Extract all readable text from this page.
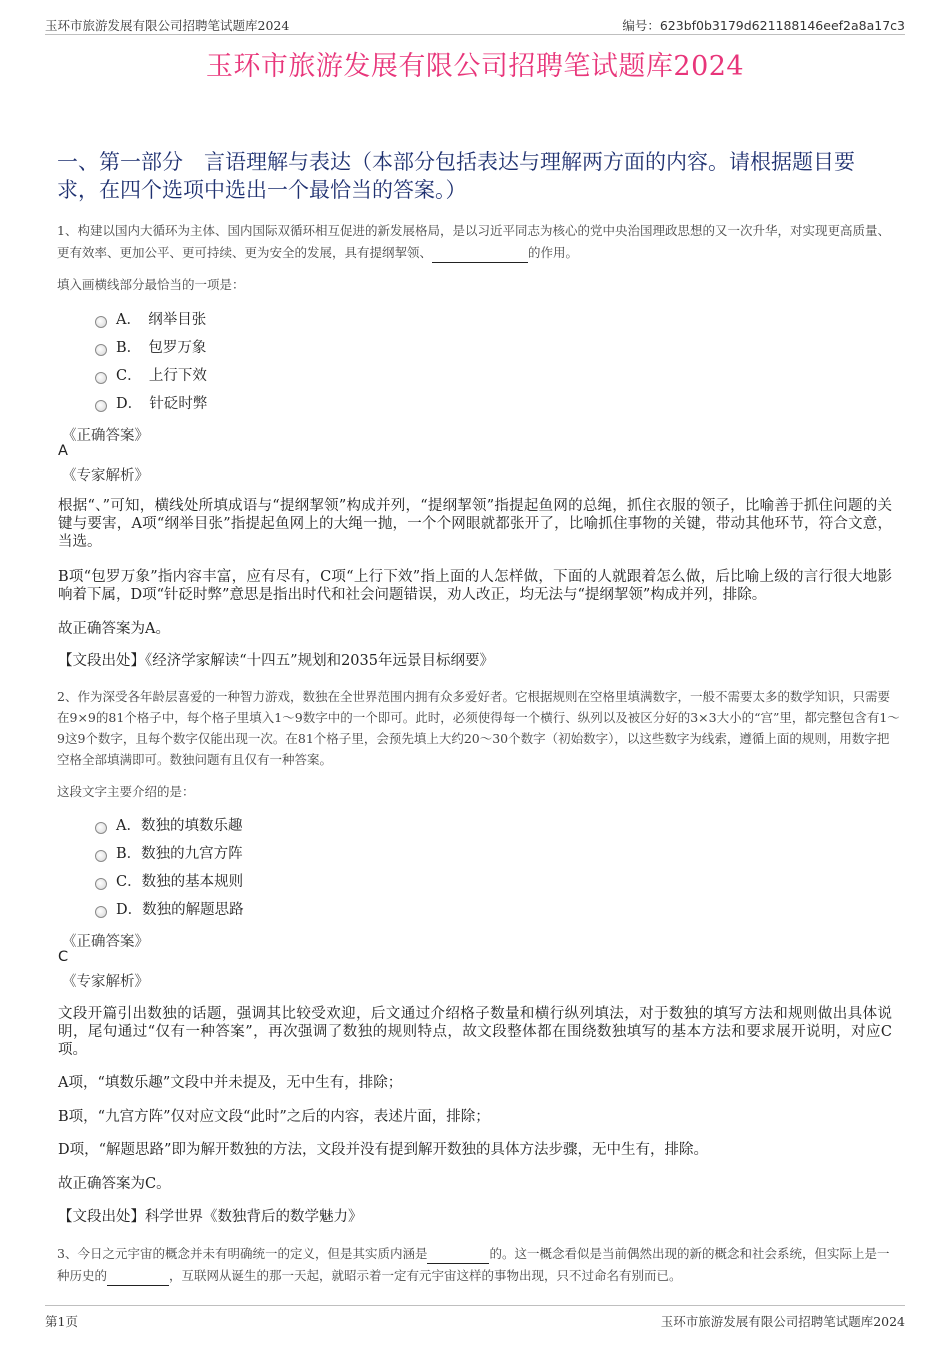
玉环市旅游发展有限公司招聘笔试题库2024	编号：623bf0b3179d621188146eef2a8a17c3
玉环市旅游发展有限公司招聘笔试题库2024
一、第一部分　言语理解与表达（本部分包括表达与理解两方面的内容。请根据题目要求，在四个选项中选出一个最恰当的答案。）
1、构建以国内大循环为主体、国内国际双循环相互促进的新发展格局，是以习近平同志为核心的党中央治国理政思想的又一次升华，对实现更高质量、更有效率、更加公平、更可持续、更为安全的发展，具有提纲挈领、	的作用。
填入画横线部分最恰当的一项是：
A．　纲举目张
B．　包罗万象
C．　上行下效
D．　针砭时弊
《正确答案》
A
《专家解析》
根据“、”可知，横线处所填成语与“提纲挈领”构成并列，“提纲挈领”指提起鱼网的总绳，抓住衣服的领子，比喻善于抓住问题的关键与要害，A项“纲举目张”指提起鱼网上的大绳一抛，一个个网眼就都张开了，比喻抓住事物的关键，带动其他环节，符合文意，当选。
B项“包罗万象”指内容丰富，应有尽有，C项“上行下效”指上面的人怎样做，下面的人就跟着怎么做，后比喻上级的言行很大地影响着下属，D项“针砭时弊”意思是指出时代和社会问题错误，劝人改正，均无法与“提纲挈领”构成并列，排除。
故正确答案为A。
【文段出处】《经济学家解读“十四五”规划和2035年远景目标纲要》
2、作为深受各年龄层喜爱的一种智力游戏，数独在全世界范围内拥有众多爱好者。它根据规则在空格里填满数字，一般不需要太多的数学知识，只需要在9×9的81个格子中，每个格子里填入1～9数字中的一个即可。此时，必须使得每一个横行、纵列以及被区分好的3×3大小的“宫”里，都完整包含有1～9这9个数字，且每个数字仅能出现一次。在81个格子里，会预先填上大约20～30个数字（初始数字），以这些数字为线索，遵循上面的规则，用数字把空格全部填满即可。数独问题有且仅有一种答案。
这段文字主要介绍的是：
A．数独的填数乐趣
B．数独的九宫方阵
C．数独的基本规则
D．数独的解题思路
《正确答案》
C
《专家解析》
文段开篇引出数独的话题，强调其比较受欢迎，后文通过介绍格子数量和横行纵列填法，对于数独的填写方法和规则做出具体说明，尾句通过“仅有一种答案”，再次强调了数独的规则特点，故文段整体都在围绕数独填写的基本方法和要求展开说明，对应C项。
A项，“填数乐趣”文段中并未提及，无中生有，排除；
B项，“九宫方阵”仅对应文段“此时”之后的内容，表述片面，排除；
D项，“解题思路”即为解开数独的方法，文段并没有提到解开数独的具体方法步骤，无中生有，排除。
故正确答案为C。
【文段出处】科学世界《数独背后的数学魅力》
3、今日之元宇宙的概念并未有明确统一的定义，但是其实质内涵是	的。这一概念看似是当前偶然出现的新的概念和社会系统，但实际上是一种历史的	，互联网从诞生的那一天起，就昭示着一定有元宇宙这样的事物出现，只不过命名有别而已。
第1页	玉环市旅游发展有限公司招聘笔试题库2024
